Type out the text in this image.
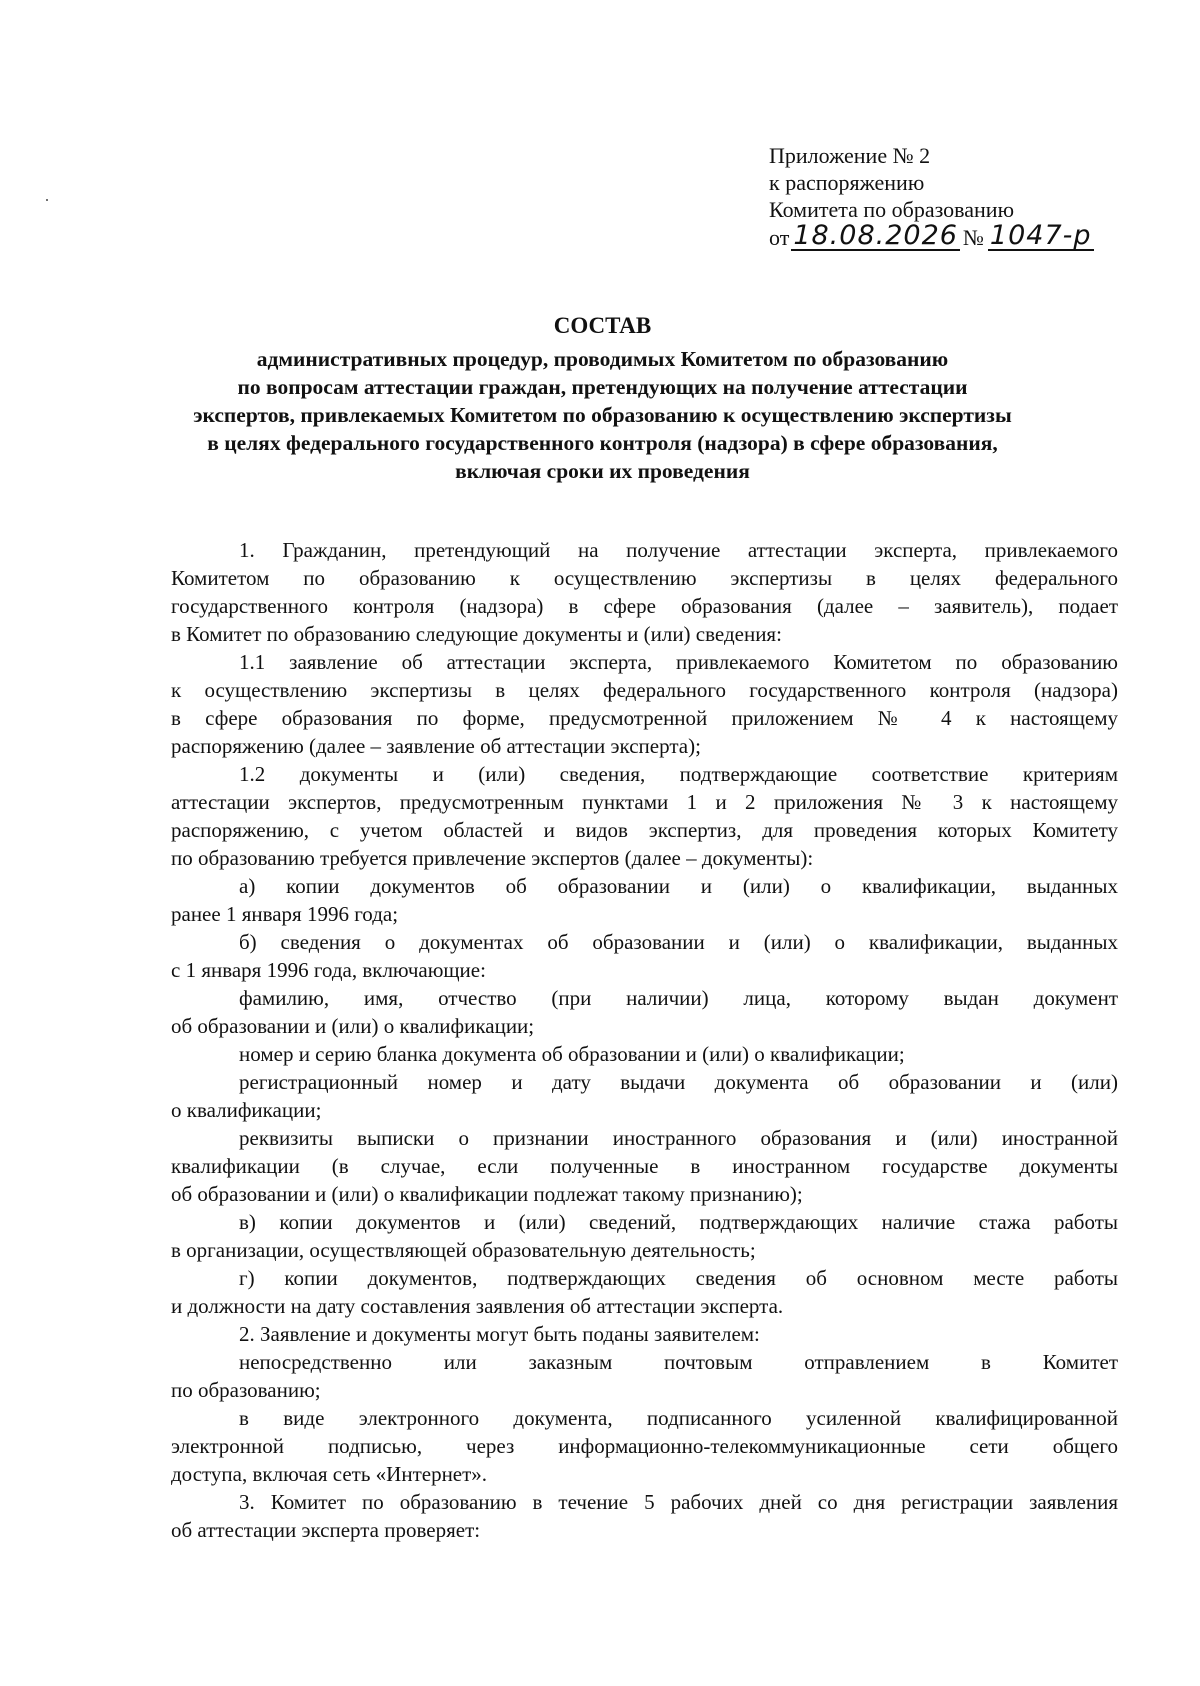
Приложение № 2
к распоряжению
Комитета по образованию
от 18.08.2026 № 1047-р
СОСТАВ
административных процедур, проводимых Комитетом по образованию
по вопросам аттестации граждан, претендующих на получение аттестации
экспертов, привлекаемых Комитетом по образованию к осуществлению экспертизы
в целях федерального государственного контроля (надзора) в сфере образования,
включая сроки их проведения
1. Гражданин, претендующий на получение аттестации эксперта, привлекаемого
Комитетом по образованию к осуществлению экспертизы в целях федерального
государственного контроля (надзора) в сфере образования (далее – заявитель), подает
в Комитет по образованию следующие документы и (или) сведения:
1.1 заявление об аттестации эксперта, привлекаемого Комитетом по образованию
к осуществлению экспертизы в целях федерального государственного контроля (надзора)
в сфере образования по форме, предусмотренной приложением № 4 к настоящему
распоряжению (далее – заявление об аттестации эксперта);
1.2 документы и (или) сведения, подтверждающие соответствие критериям
аттестации экспертов, предусмотренным пунктами 1 и 2 приложения № 3 к настоящему
распоряжению, с учетом областей и видов экспертиз, для проведения которых Комитету
по образованию требуется привлечение экспертов (далее – документы):
а) копии документов об образовании и (или) о квалификации, выданных
ранее 1 января 1996 года;
б) сведения о документах об образовании и (или) о квалификации, выданных
с 1 января 1996 года, включающие:
фамилию, имя, отчество (при наличии) лица, которому выдан документ
об образовании и (или) о квалификации;
номер и серию бланка документа об образовании и (или) о квалификации;
регистрационный номер и дату выдачи документа об образовании и (или)
о квалификации;
реквизиты выписки о признании иностранного образования и (или) иностранной
квалификации (в случае, если полученные в иностранном государстве документы
об образовании и (или) о квалификации подлежат такому признанию);
в) копии документов и (или) сведений, подтверждающих наличие стажа работы
в организации, осуществляющей образовательную деятельность;
г) копии документов, подтверждающих сведения об основном месте работы
и должности на дату составления заявления об аттестации эксперта.
2. Заявление и документы могут быть поданы заявителем:
непосредственно или заказным почтовым отправлением в Комитет
по образованию;
в виде электронного документа, подписанного усиленной квалифицированной
электронной подписью, через информационно-телекоммуникационные сети общего
доступа, включая сеть «Интернет».
3. Комитет по образованию в течение 5 рабочих дней со дня регистрации заявления
об аттестации эксперта проверяет:
